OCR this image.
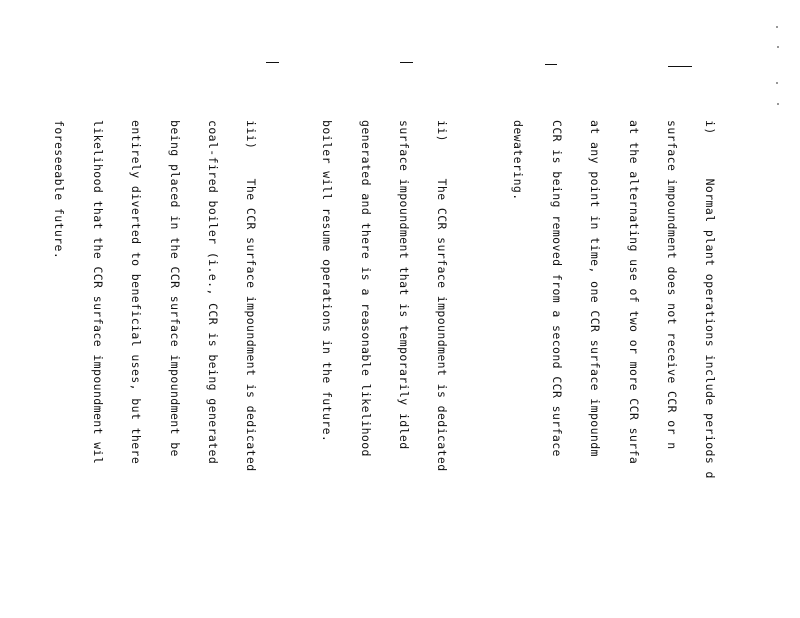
i)      Normal plant operations include periods d

surface impoundment does not receive CCR or n

at the alternating use of two or more CCR surfa

at any point in time, one CCR surface impoundm

CCR is being removed from a second CCR surface

dewatering.

ii)     The CCR surface impoundment is dedicated

surface impoundment that is temporarily idled

generated and there is a reasonable likelihood

boiler will resume operations in the future.

iii)    The CCR surface impoundment is dedicated

coal-fired boiler (i.e., CCR is being generated

being placed in the CCR surface impoundment be

entirely diverted to beneficial uses, but there

likelihood that the CCR surface impoundment wil

foreseeable future.
